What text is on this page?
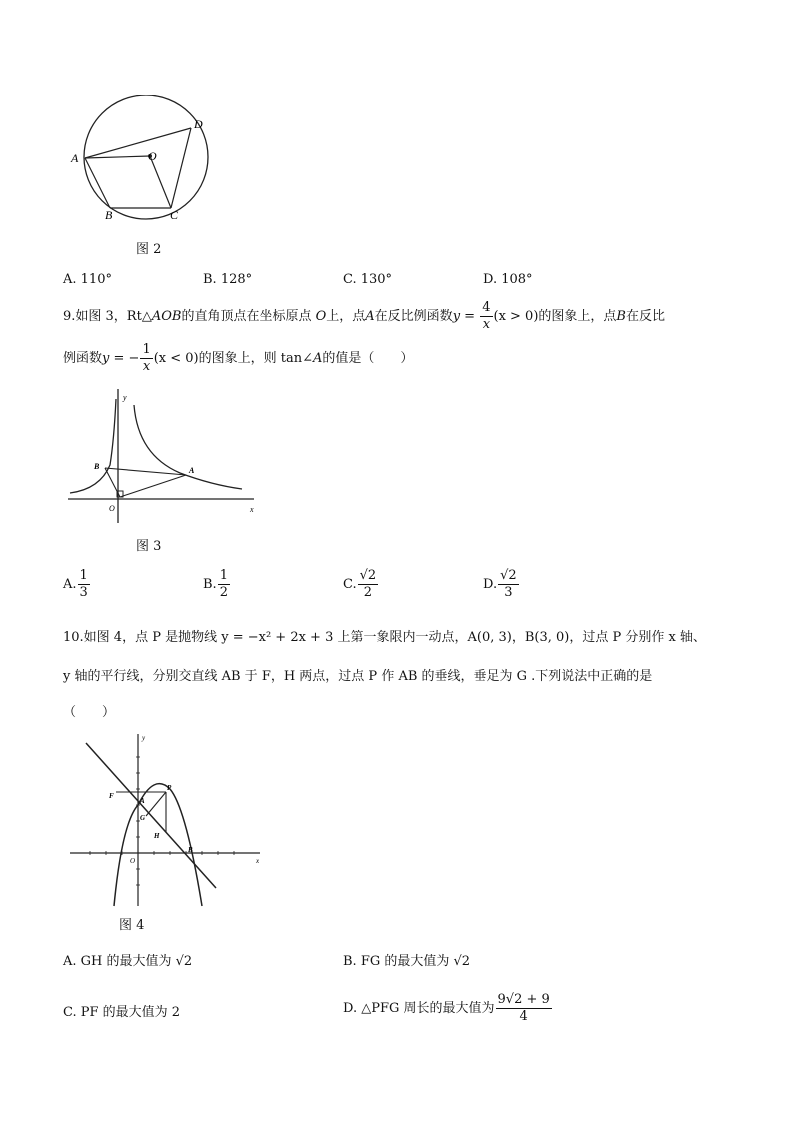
A	O
D
B	C
图 2
A. 110°	B. 128°	C. 130°	D. 108°
9.如图 3，Rt△AOB的直角顶点在坐标原点 O上，点A在反比例函数$y = \frac{4}{x} (x > 0)$的图象上，点B在反比
例函数y = − $\frac{1}{x} (x < 0)$的图象上，则 tan∠A的值是（　　）
y
x
O
A
B
图 3
A. $\frac{1}{3}$	B. $\frac{1}{2}$	C. $\frac{√2}{2}$	D. $\frac{√2}{3}$
10.如图 4，点 P 是抛物线 y = −x² + 2x + 3 上第一象限内一动点，A(0, 3)，B(3, 0)，过点 P 分别作 x 轴、
y 轴的平行线，分别交直线 AB 于 F，H 两点，过点 P 作 AB 的垂线，垂足为 G .下列说法中正确的是
（　　）
y
x
O
P
F
A
G
H
B
图 4
A. GH 的最大值为 √2	B. FG 的最大值为 √2
C. PF 的最大值为 2	D. △PFG 周长的最大值为 $\frac{9√2 + 9}{4}$
